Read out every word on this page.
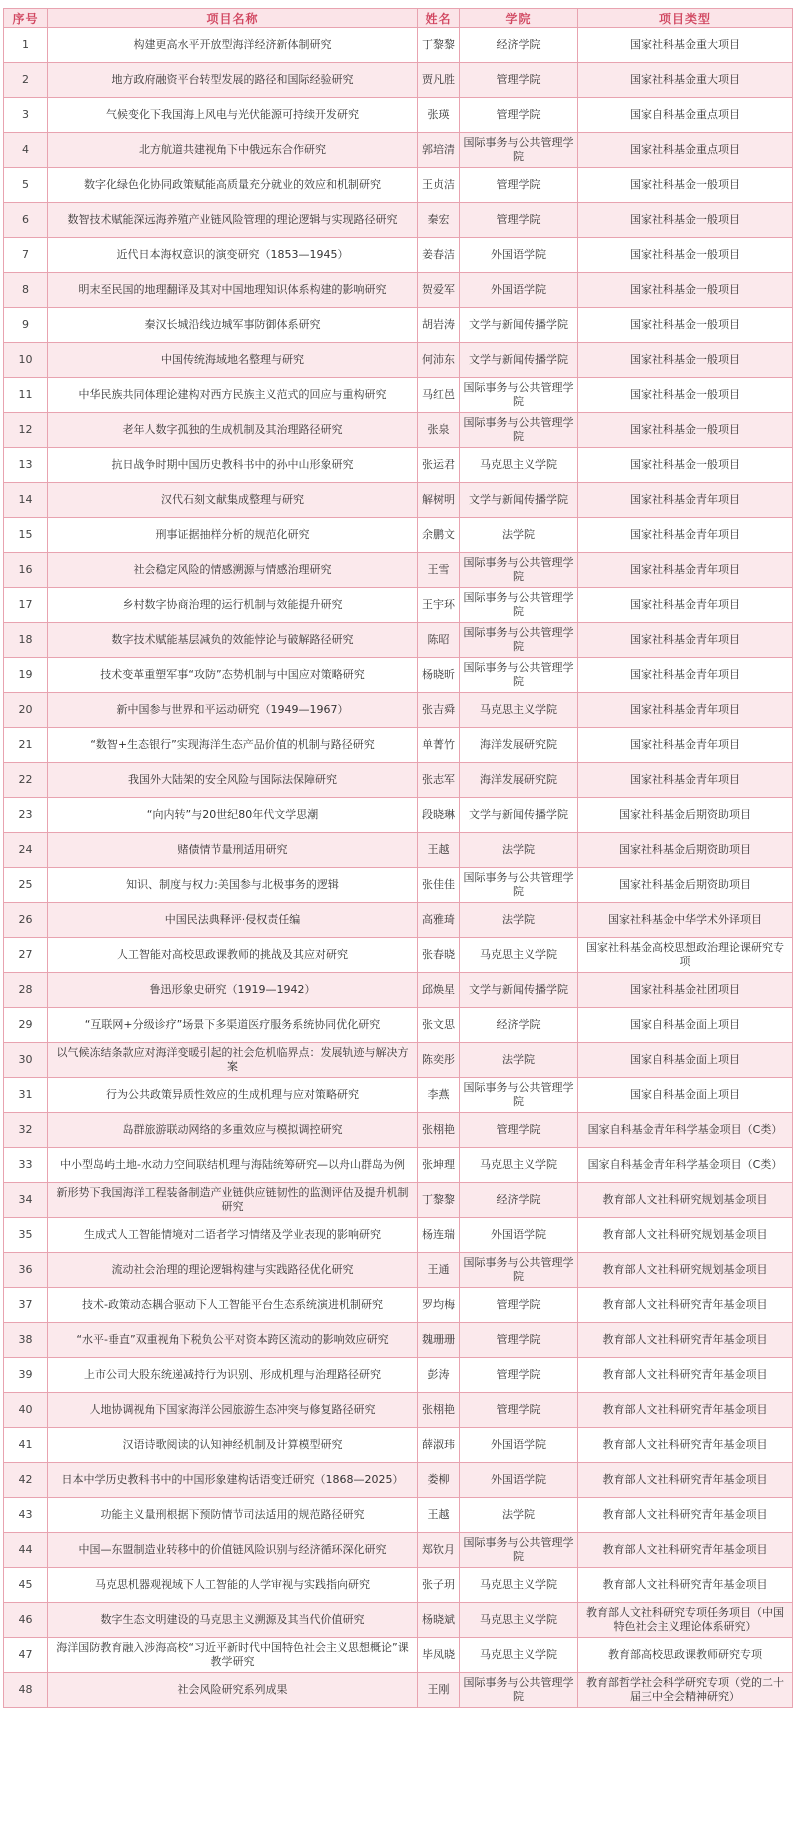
序号	项目名称	姓名	学院	项目类型
1	构建更高水平开放型海洋经济新体制研究	丁黎黎	经济学院	国家社科基金重大项目
2	地方政府融资平台转型发展的路径和国际经验研究	贾凡胜	管理学院	国家社科基金重大项目
3	气候变化下我国海上风电与光伏能源可持续开发研究	张瑛	管理学院	国家自科基金重点项目
4	北方航道共建视角下中俄远东合作研究	郭培清	国际事务与公共管理学院	国家社科基金重点项目
5	数字化绿色化协同政策赋能高质量充分就业的效应和机制研究	王贞洁	管理学院	国家社科基金一般项目
6	数智技术赋能深远海养殖产业链风险管理的理论逻辑与实现路径研究	秦宏	管理学院	国家社科基金一般项目
7	近代日本海权意识的演变研究（1853—1945）	姜春洁	外国语学院	国家社科基金一般项目
8	明末至民国的地理翻译及其对中国地理知识体系构建的影响研究	贺爱军	外国语学院	国家社科基金一般项目
9	秦汉长城沿线边城军事防御体系研究	胡岩涛	文学与新闻传播学院	国家社科基金一般项目
10	中国传统海域地名整理与研究	何沛东	文学与新闻传播学院	国家社科基金一般项目
11	中华民族共同体理论建构对西方民族主义范式的回应与重构研究	马红邑	国际事务与公共管理学院	国家社科基金一般项目
12	老年人数字孤独的生成机制及其治理路径研究	张泉	国际事务与公共管理学院	国家社科基金一般项目
13	抗日战争时期中国历史教科书中的孙中山形象研究	张运君	马克思主义学院	国家社科基金一般项目
14	汉代石刻文献集成整理与研究	解树明	文学与新闻传播学院	国家社科基金青年项目
15	刑事证据抽样分析的规范化研究	余鹏文	法学院	国家社科基金青年项目
16	社会稳定风险的情感溯源与情感治理研究	王雪	国际事务与公共管理学院	国家社科基金青年项目
17	乡村数字协商治理的运行机制与效能提升研究	王宇环	国际事务与公共管理学院	国家社科基金青年项目
18	数字技术赋能基层减负的效能悖论与破解路径研究	陈昭	国际事务与公共管理学院	国家社科基金青年项目
19	技术变革重塑军事“攻防”态势机制与中国应对策略研究	杨晓昕	国际事务与公共管理学院	国家社科基金青年项目
20	新中国参与世界和平运动研究（1949—1967）	张吉舜	马克思主义学院	国家社科基金青年项目
21	“数智+生态银行”实现海洋生态产品价值的机制与路径研究	单菁竹	海洋发展研究院	国家社科基金青年项目
22	我国外大陆架的安全风险与国际法保障研究	张志军	海洋发展研究院	国家社科基金青年项目
23	“向内转”与20世纪80年代文学思潮	段晓琳	文学与新闻传播学院	国家社科基金后期资助项目
24	赌债情节量刑适用研究	王越	法学院	国家社科基金后期资助项目
25	知识、制度与权力:美国参与北极事务的逻辑	张佳佳	国际事务与公共管理学院	国家社科基金后期资助项目
26	中国民法典释评·侵权责任编	高雅琦	法学院	国家社科基金中华学术外译项目
27	人工智能对高校思政课教师的挑战及其应对研究	张春晓	马克思主义学院	国家社科基金高校思想政治理论课研究专项
28	鲁迅形象史研究（1919—1942）	邱焕星	文学与新闻传播学院	国家社科基金社团项目
29	“互联网+分级诊疗”场景下多渠道医疗服务系统协同优化研究	张文思	经济学院	国家自科基金面上项目
30	以气候冻结条款应对海洋变暖引起的社会危机临界点：发展轨迹与解决方案	陈奕彤	法学院	国家自科基金面上项目
31	行为公共政策异质性效应的生成机理与应对策略研究	李燕	国际事务与公共管理学院	国家自科基金面上项目
32	岛群旅游联动网络的多重效应与模拟调控研究	张栩艳	管理学院	国家自科基金青年科学基金项目（C类）
33	中小型岛屿土地-水动力空间联结机理与海陆统筹研究—以舟山群岛为例	张坤理	马克思主义学院	国家自科基金青年科学基金项目（C类）
34	新形势下我国海洋工程装备制造产业链供应链韧性的监测评估及提升机制研究	丁黎黎	经济学院	教育部人文社科研究规划基金项目
35	生成式人工智能情境对二语者学习情绪及学业表现的影响研究	杨连瑞	外国语学院	教育部人文社科研究规划基金项目
36	流动社会治理的理论逻辑构建与实践路径优化研究	王通	国际事务与公共管理学院	教育部人文社科研究规划基金项目
37	技术-政策动态耦合驱动下人工智能平台生态系统演进机制研究	罗均梅	管理学院	教育部人文社科研究青年基金项目
38	“水平-垂直”双重视角下税负公平对资本跨区流动的影响效应研究	魏珊珊	管理学院	教育部人文社科研究青年基金项目
39	上市公司大股东统递减持行为识别、形成机理与治理路径研究	彭涛	管理学院	教育部人文社科研究青年基金项目
40	人地协调视角下国家海洋公园旅游生态冲突与修复路径研究	张栩艳	管理学院	教育部人文社科研究青年基金项目
41	汉语诗歌阅读的认知神经机制及计算模型研究	薛淑玮	外国语学院	教育部人文社科研究青年基金项目
42	日本中学历史教科书中的中国形象建构话语变迁研究（1868—2025）	娄柳	外国语学院	教育部人文社科研究青年基金项目
43	功能主义量刑根据下预防情节司法适用的规范路径研究	王越	法学院	教育部人文社科研究青年基金项目
44	中国—东盟制造业转移中的价值链风险识别与经济循环深化研究	郑钦月	国际事务与公共管理学院	教育部人文社科研究青年基金项目
45	马克思机器观视域下人工智能的人学审视与实践指向研究	张子玥	马克思主义学院	教育部人文社科研究青年基金项目
46	数字生态文明建设的马克思主义溯源及其当代价值研究	杨晓斌	马克思主义学院	教育部人文社科研究专项任务项目（中国特色社会主义理论体系研究）
47	海洋国防教育融入涉海高校“习近平新时代中国特色社会主义思想概论”课教学研究	毕凤晓	马克思主义学院	教育部高校思政课教师研究专项
48	社会风险研究系列成果	王刚	国际事务与公共管理学院	教育部哲学社会科学研究专项（党的二十届三中全会精神研究）
